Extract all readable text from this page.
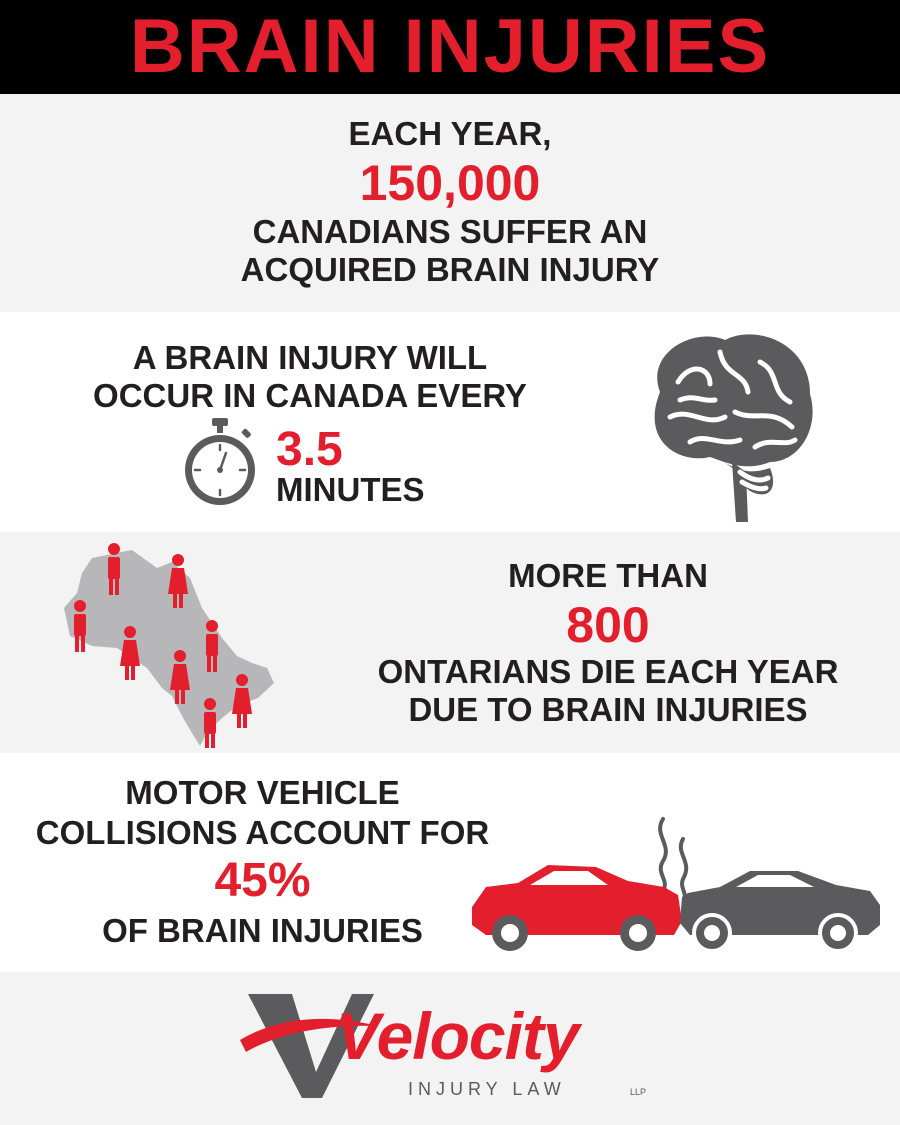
BRAIN INJURIES
EACH YEAR,
150,000
CANADIANS SUFFER AN
ACQUIRED BRAIN INJURY
A BRAIN INJURY WILL
OCCUR IN CANADA EVERY
3.5
MINUTES
MORE THAN
800
ONTARIANS DIE EACH YEAR
DUE TO BRAIN INJURIES
MOTOR VEHICLE
COLLISIONS ACCOUNT FOR
45%
OF BRAIN INJURIES
Velocity
INJURY LAW	LLP
